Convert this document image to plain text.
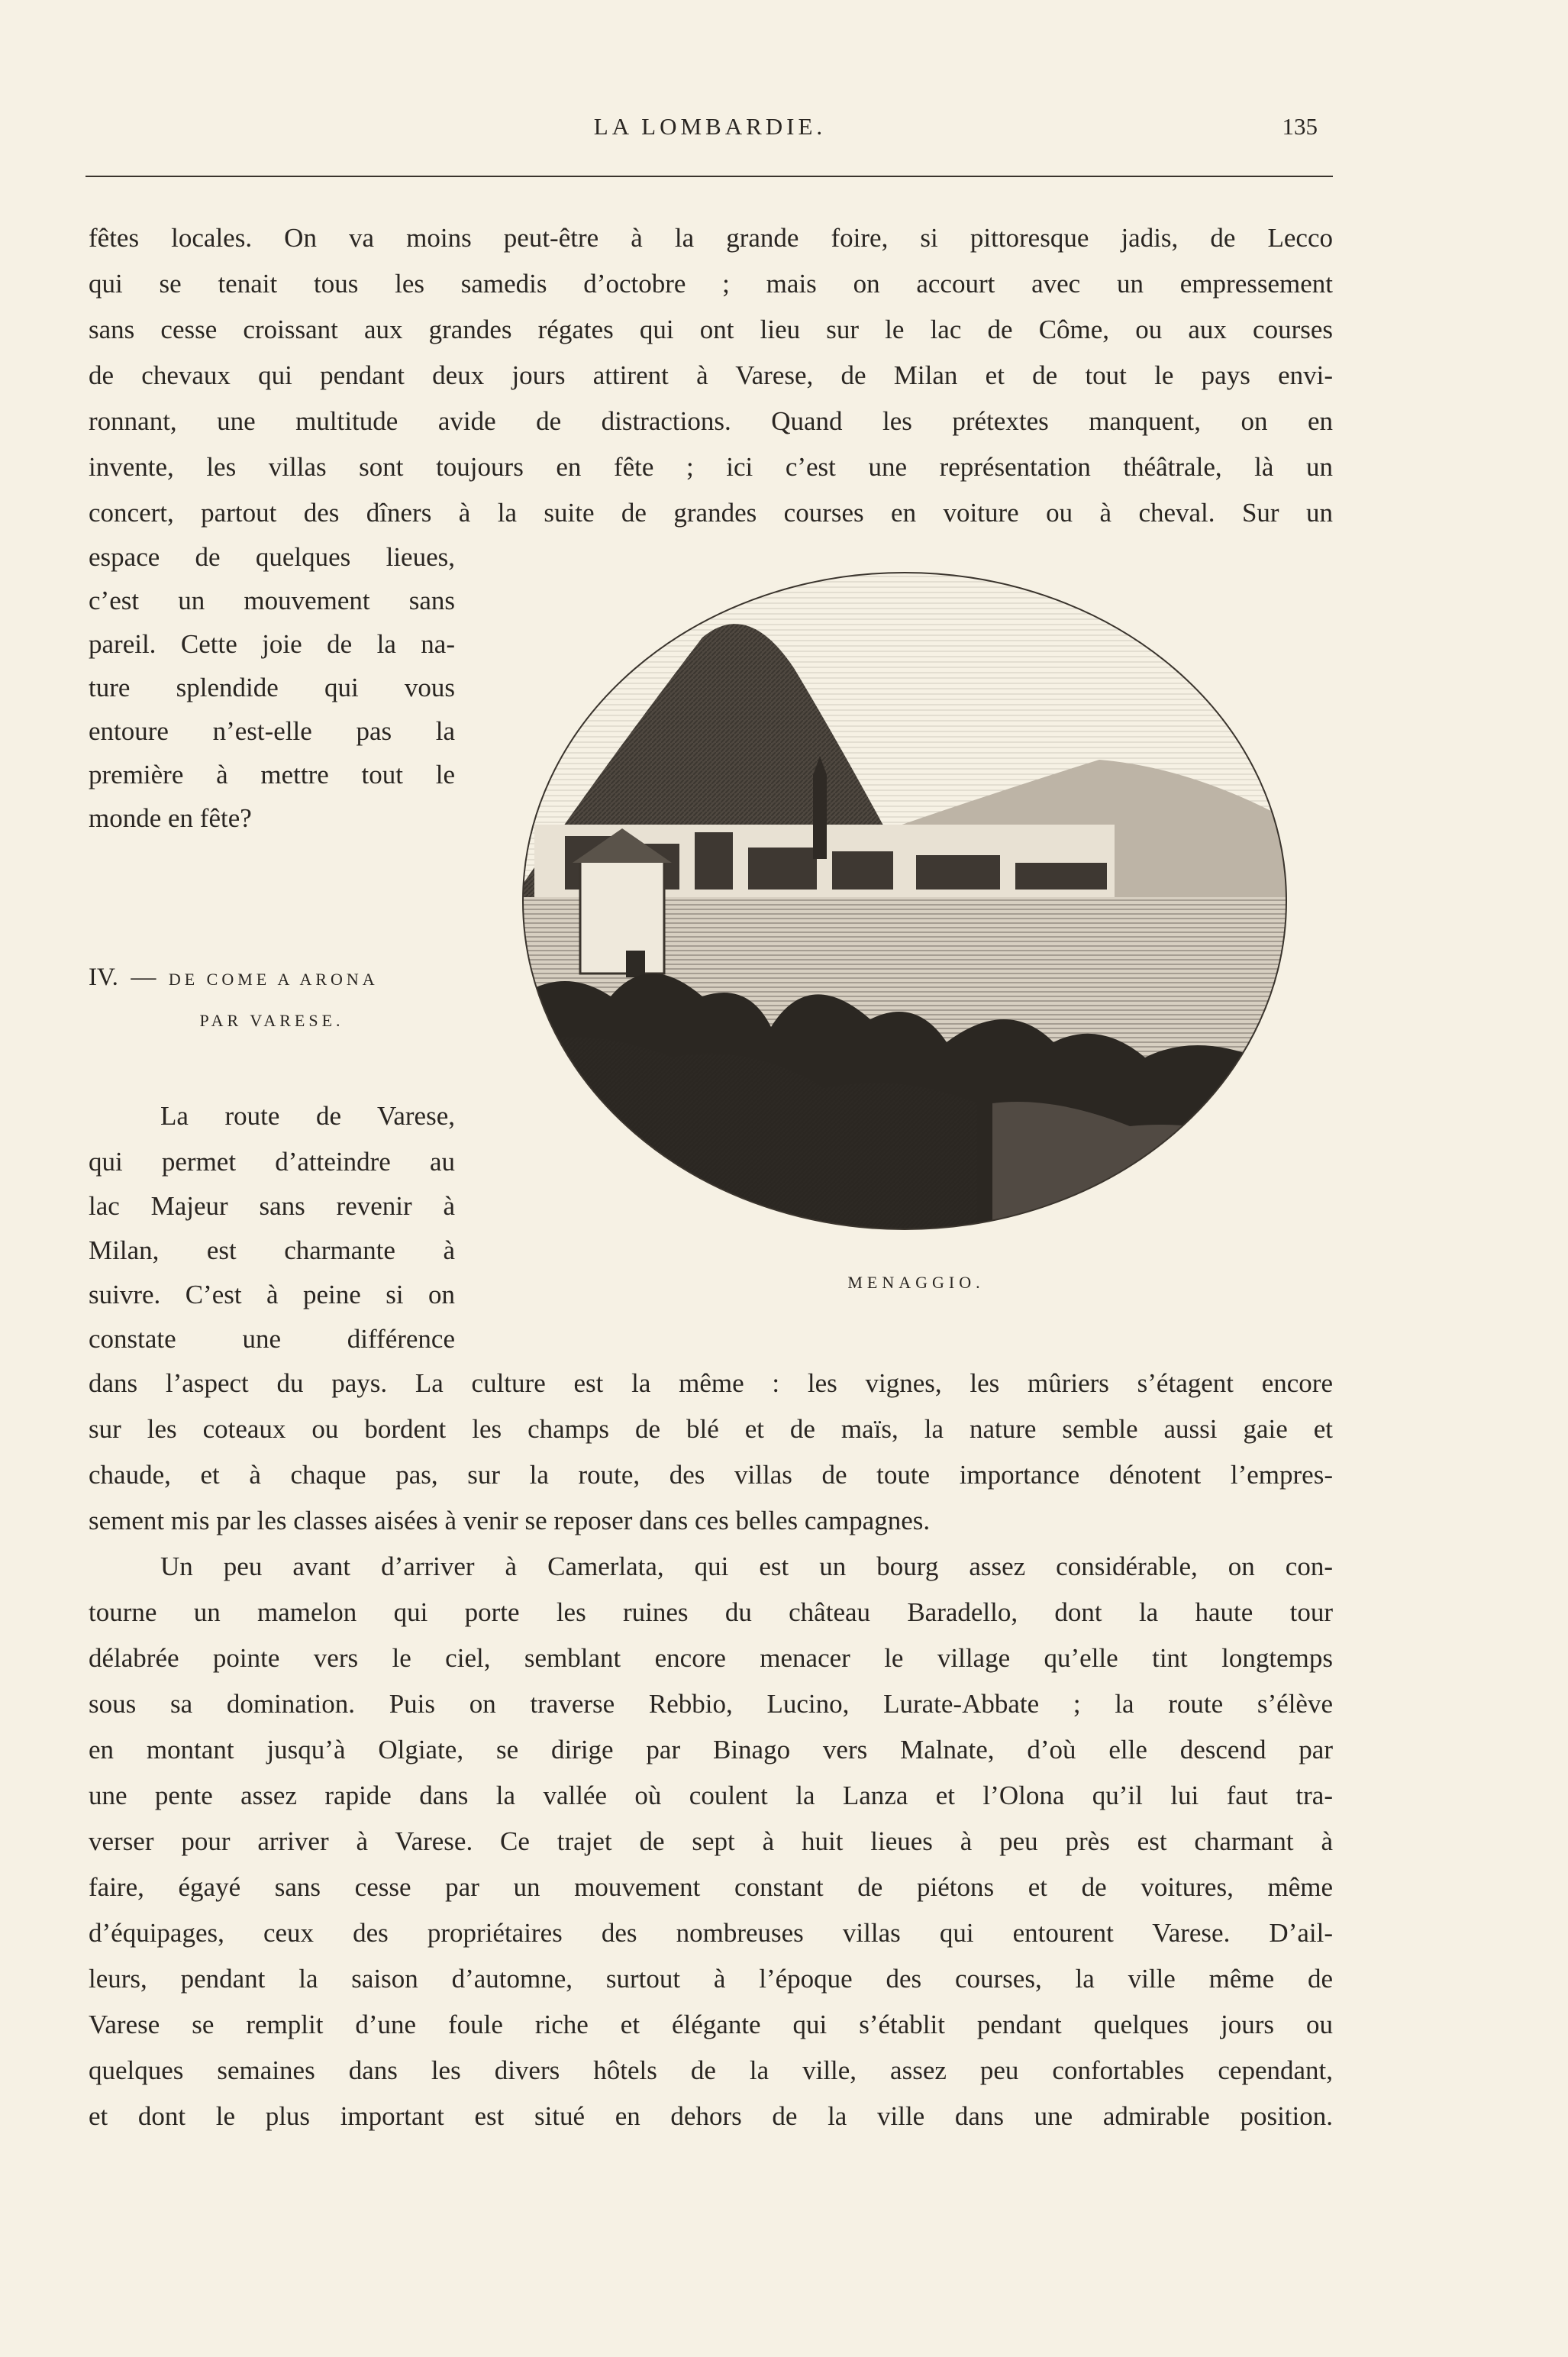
LA LOMBARDIE.	135
fêtes locales. On va moins peut-être à la grande foire, si pittoresque jadis, de Lecco
qui se tenait tous les samedis d’octobre ; mais on accourt avec un empressement
sans cesse croissant aux grandes régates qui ont lieu sur le lac de Côme, ou aux courses
de chevaux qui pendant deux jours attirent à Varese, de Milan et de tout le pays envi-
ronnant, une multitude avide de distractions. Quand les prétextes manquent, on en
invente, les villas sont toujours en fête ; ici c’est une représentation théâtrale, là un
concert, partout des dîners à la suite de grandes courses en voiture ou à cheval. Sur un
espace de quelques lieues,
c’est un mouvement sans
pareil. Cette joie de la na-
ture splendide qui vous
entoure n’est-elle pas la
première à mettre tout le
monde en fête?
IV. — DE COME A ARONA
PAR VARESE.
La route de Varese,
qui permet d’atteindre au
lac Majeur sans revenir à
Milan, est charmante à
suivre. C’est à peine si on
constate une différence
dans l’aspect du pays. La culture est la même : les vignes, les mûriers s’étagent encore
sur les coteaux ou bordent les champs de blé et de maïs, la nature semble aussi gaie et
chaude, et à chaque pas, sur la route, des villas de toute importance dénotent l’empres-
sement mis par les classes aisées à venir se reposer dans ces belles campagnes.
Un peu avant d’arriver à Camerlata, qui est un bourg assez considérable, on con-
tourne un mamelon qui porte les ruines du château Baradello, dont la haute tour
délabrée pointe vers le ciel, semblant encore menacer le village qu’elle tint longtemps
sous sa domination. Puis on traverse Rebbio, Lucino, Lurate-Abbate ; la route s’élève
en montant jusqu’à Olgiate, se dirige par Binago vers Malnate, d’où elle descend par
une pente assez rapide dans la vallée où coulent la Lanza et l’Olona qu’il lui faut tra-
verser pour arriver à Varese. Ce trajet de sept à huit lieues à peu près est charmant à
faire, égayé sans cesse par un mouvement constant de piétons et de voitures, même
d’équipages, ceux des propriétaires des nombreuses villas qui entourent Varese. D’ail-
leurs, pendant la saison d’automne, surtout à l’époque des courses, la ville même de
Varese se remplit d’une foule riche et élégante qui s’établit pendant quelques jours ou
quelques semaines dans les divers hôtels de la ville, assez peu confortables cependant,
et dont le plus important est situé en dehors de la ville dans une admirable position.
MENAGGIO.
